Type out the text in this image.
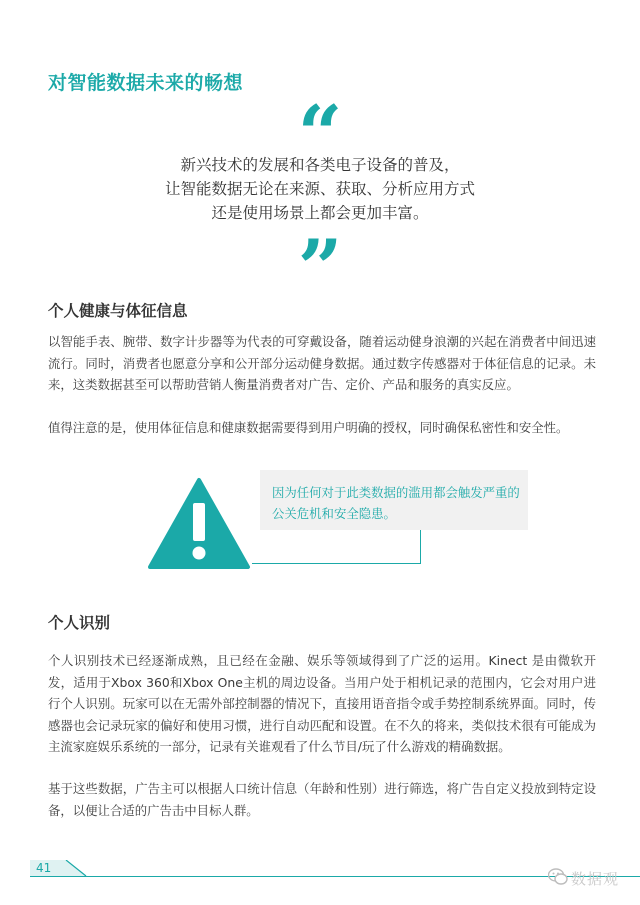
对智能数据未来的畅想
“
新兴技术的发展和各类电子设备的普及，
让智能数据无论在来源、获取、分析应用方式
还是使用场景上都会更加丰富。
”
个人健康与体征信息
以智能手表、腕带、数字计步器等为代表的可穿戴设备，随着运动健身浪潮的兴起在消费者中间迅速流行。同时，消费者也愿意分享和公开部分运动健身数据。通过数字传感器对于体征信息的记录。未来，这类数据甚至可以帮助营销人衡量消费者对广告、定价、产品和服务的真实反应。
值得注意的是，使用体征信息和健康数据需要得到用户明确的授权，同时确保私密性和安全性。
因为任何对于此类数据的滥用都会触发严重的
公关危机和安全隐患。
个人识别
个人识别技术已经逐渐成熟，且已经在金融、娱乐等领域得到了广泛的运用。Kinect 是由微软开发，适用于Xbox 360和Xbox One主机的周边设备。当用户处于相机记录的范围内，它会对用户进行个人识别。玩家可以在无需外部控制器的情况下，直接用语音指令或手势控制系统界面。同时，传感器也会记录玩家的偏好和使用习惯，进行自动匹配和设置。在不久的将来，类似技术很有可能成为主流家庭娱乐系统的一部分，记录有关谁观看了什么节目/玩了什么游戏的精确数据。
基于这些数据，广告主可以根据人口统计信息（年龄和性别）进行筛选，将广告自定义投放到特定设备，以便让合适的广告击中目标人群。
41
数据观
